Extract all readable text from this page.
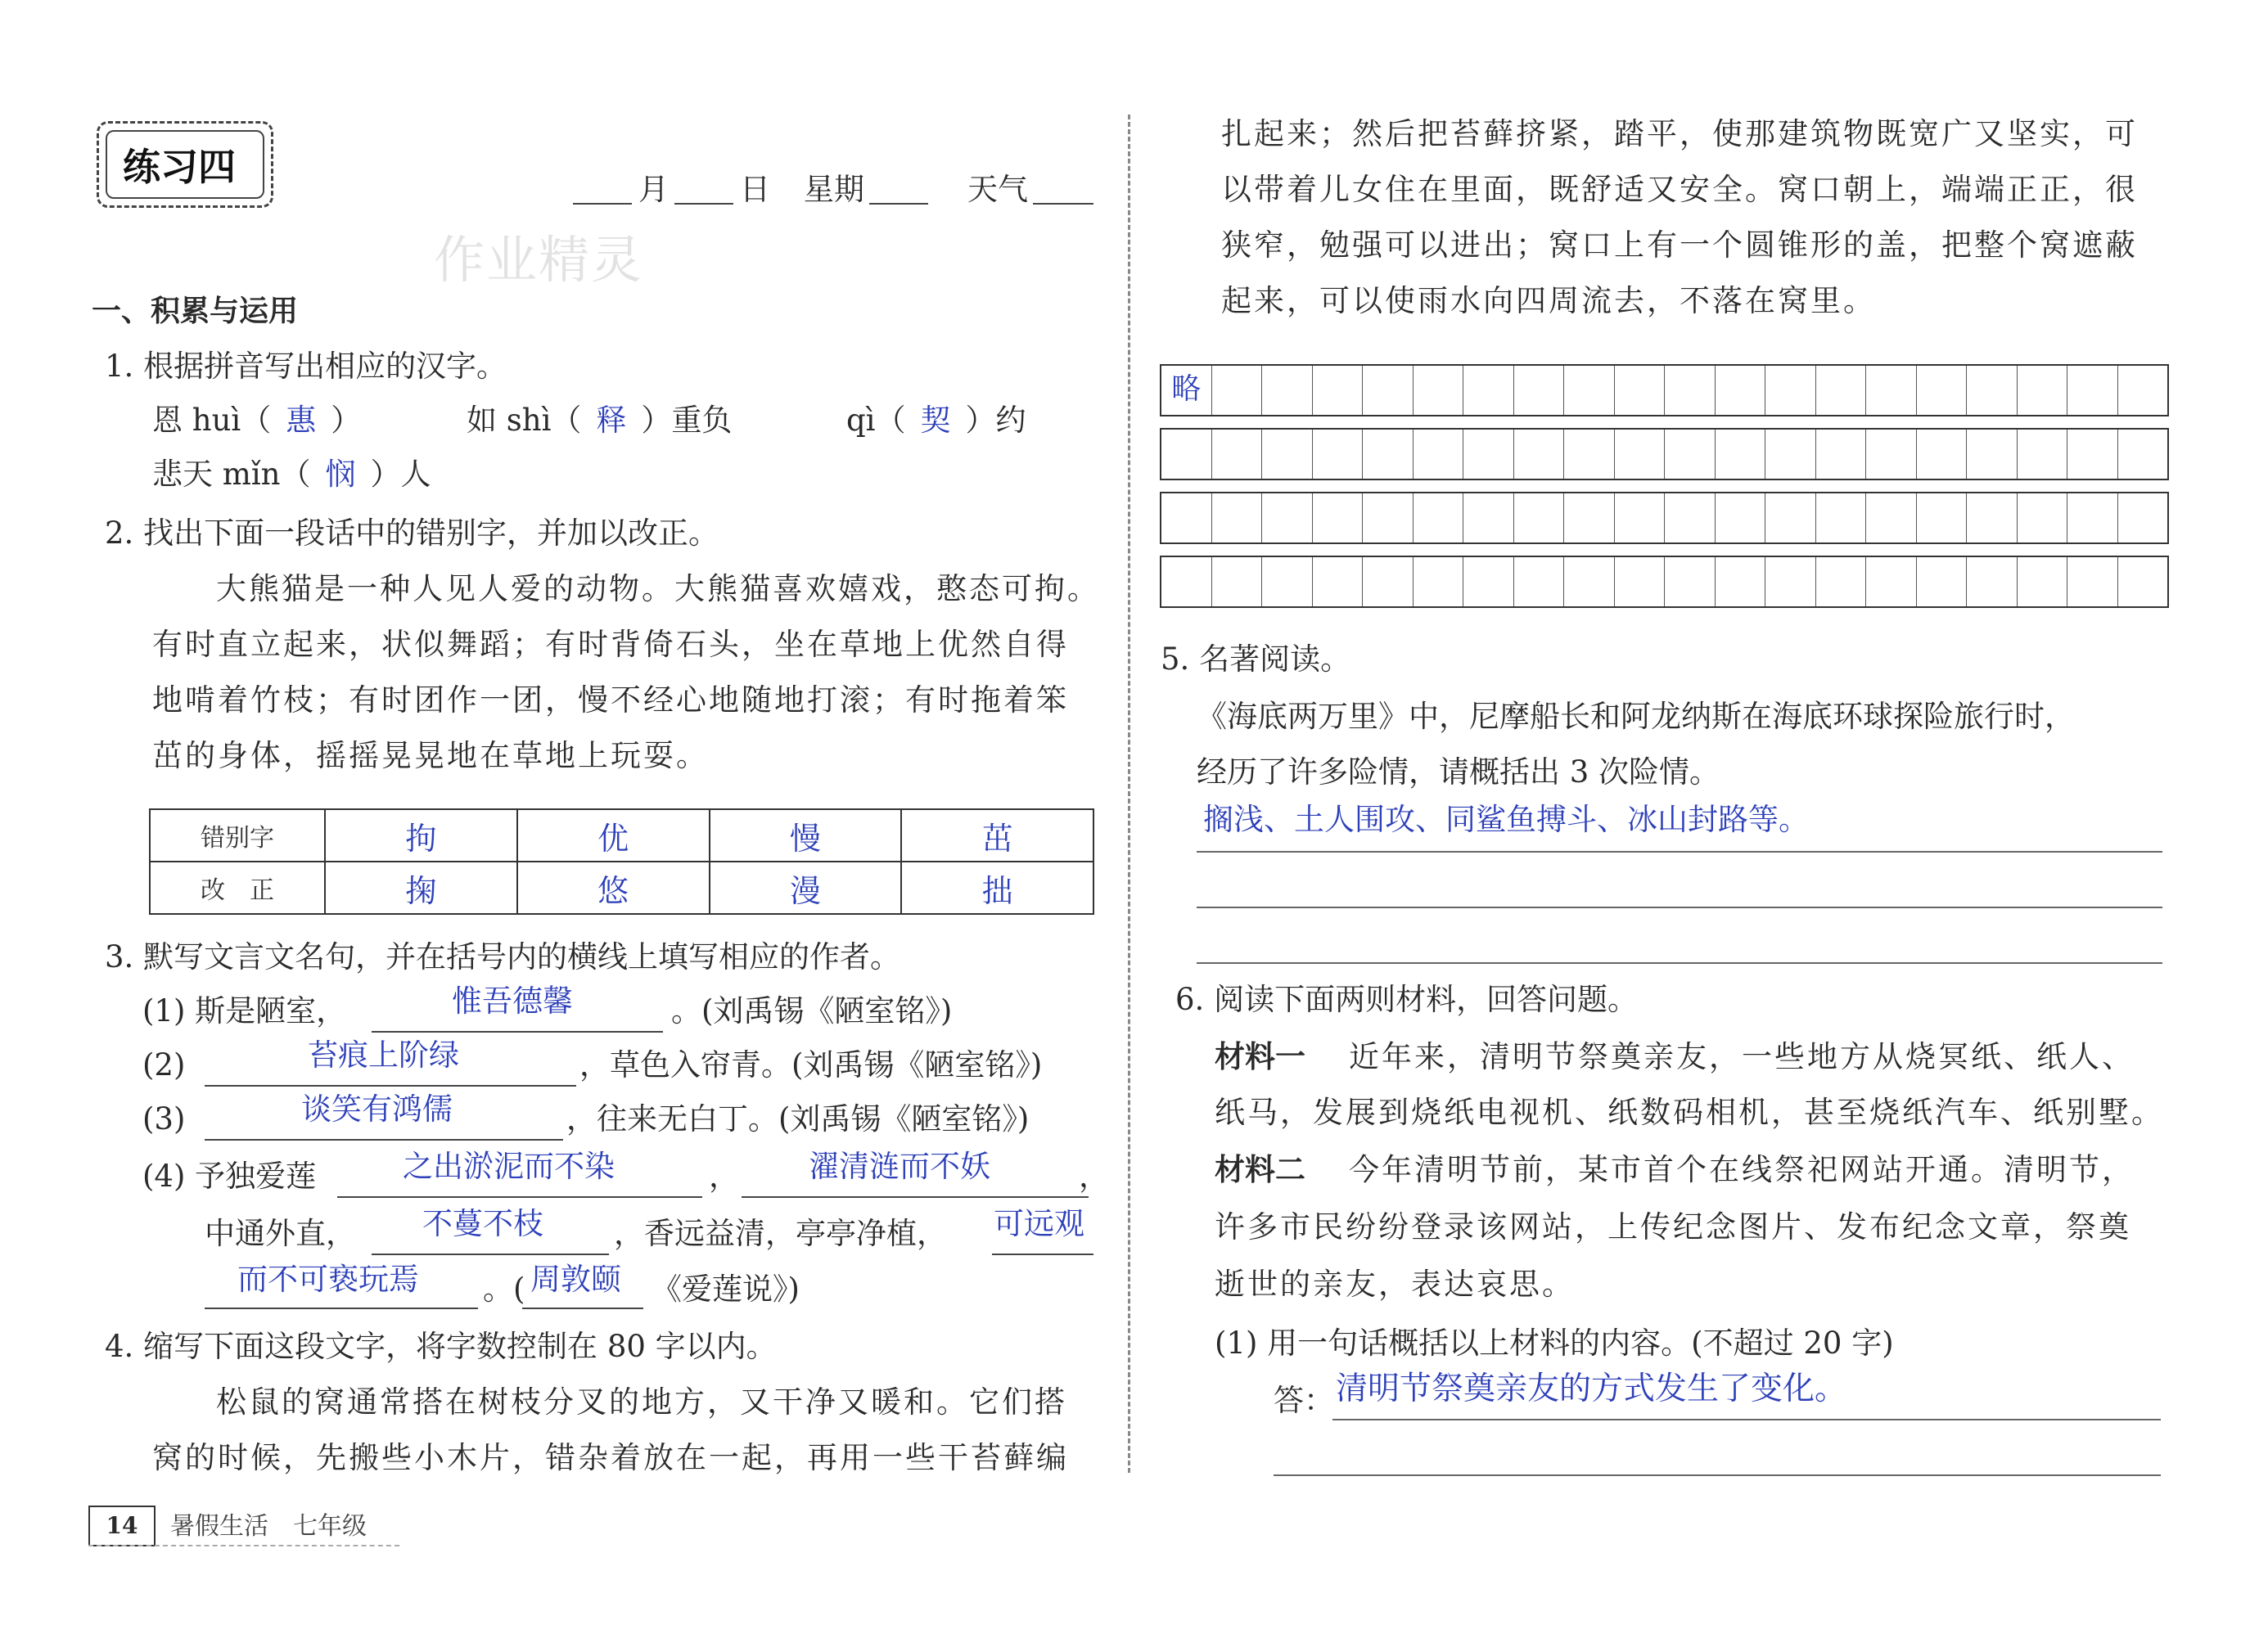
练习四
月 日 星期	天气
作业精灵
一、积累与运用
1. 根据拼音写出相应的汉字。
恩 huì（ 惠 ）	如 shì（ 释 ）重负	qì（ 契 ）约
悲天 mǐn（ 悯 ）人
2. 找出下面一段话中的错别字，并加以改正。
大熊猫是一种人见人爱的动物。大熊猫喜欢嬉戏，憨态可拘。
有时直立起来，状似舞蹈；有时背倚石头，坐在草地上优然自得
地啃着竹枝；有时团作一团，慢不经心地随地打滚；有时拖着笨
茁的身体，摇摇晃晃地在草地上玩耍。
错别字	拘	优	慢	茁
改　正	掬	悠	漫	拙
3. 默写文言文名句，并在括号内的横线上填写相应的作者。
(1) 斯是陋室，	惟吾德馨	。(刘禹锡《陋室铭》)
(2)	苔痕上阶绿	，草色入帘青。(刘禹锡《陋室铭》)
(3)	谈笑有鸿儒	，往来无白丁。(刘禹锡《陋室铭》)
(4) 予独爱莲	之出淤泥而不染	， 濯清涟而不妖	，
中通外直， 不蔓不枝 ，香远益清，亭亭净植， 可远观
而不可亵玩焉 。( 周敦颐 《爱莲说》)
4. 缩写下面这段文字，将字数控制在 80 字以内。
松鼠的窝通常搭在树枝分叉的地方，又干净又暖和。它们搭
窝的时候，先搬些小木片，错杂着放在一起，再用一些干苔藓编
14	暑假生活　七年级
扎起来；然后把苔藓挤紧，踏平，使那建筑物既宽广又坚实，可
以带着儿女住在里面，既舒适又安全。窝口朝上，端端正正，很
狭窄，勉强可以进出；窝口上有一个圆锥形的盖，把整个窝遮蔽
起来，可以使雨水向四周流去，不落在窝里。
略
5. 名著阅读。
《海底两万里》中，尼摩船长和阿龙纳斯在海底环球探险旅行时，
经历了许多险情，请概括出 3 次险情。
搁浅、土人围攻、同鲨鱼搏斗、冰山封路等。
6. 阅读下面两则材料，回答问题。
材料一 近年来，清明节祭奠亲友，一些地方从烧冥纸、纸人、
纸马，发展到烧纸电视机、纸数码相机，甚至烧纸汽车、纸别墅。
材料二 今年清明节前，某市首个在线祭祀网站开通。清明节，
许多市民纷纷登录该网站，上传纪念图片、发布纪念文章，祭奠
逝世的亲友，表达哀思。
(1) 用一句话概括以上材料的内容。(不超过 20 字)
答： 清明节祭奠亲友的方式发生了变化。
